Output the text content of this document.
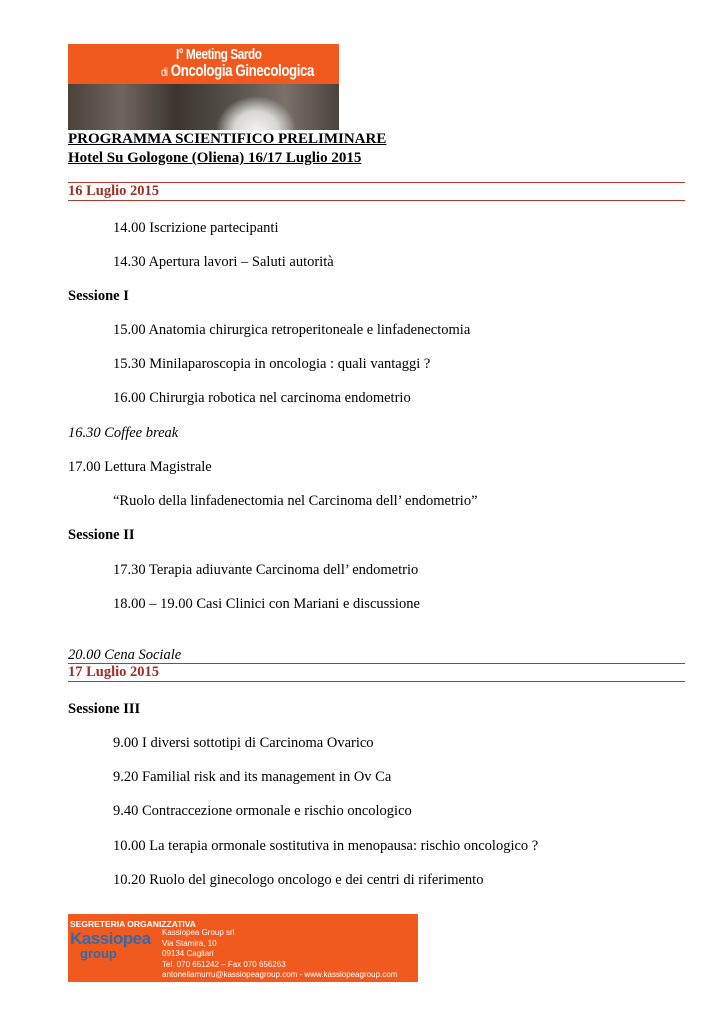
I° Meeting Sardo
di Oncologia Ginecologica
PROGRAMMA SCIENTIFICO PRELIMINARE
Hotel Su Gologone (Oliena) 16/17 Luglio 2015
16 Luglio 2015
14.00 Iscrizione partecipanti
14.30 Apertura lavori – Saluti autorità
Sessione I
15.00 Anatomia chirurgica retroperitoneale e linfadenectomia
15.30 Minilaparoscopia in oncologia : quali vantaggi ?
16.00 Chirurgia robotica nel carcinoma endometrio
16.30 Coffee break
17.00 Lettura Magistrale
“Ruolo della linfadenectomia nel Carcinoma dell’ endometrio”
Sessione II
17.30 Terapia adiuvante Carcinoma dell’ endometrio
18.00 – 19.00 Casi Clinici con Mariani e discussione
20.00 Cena Sociale
17 Luglio 2015
Sessione III
9.00 I diversi sottotipi di Carcinoma Ovarico
9.20 Familial risk and its management in Ov Ca
9.40 Contraccezione ormonale e rischio oncologico
10.00 La terapia ormonale sostitutiva in menopausa: rischio oncologico ?
10.20 Ruolo del ginecologo oncologo e dei centri di riferimento
SEGRETERIA ORGANIZZATIVA
Kassiopea
group
Kassiopea Group srl
Via Stamira, 10
09134 Cagliari
Tel. 070 651242 – Fax 070 656263
antonellamurru@kassiopeagroup.com - www.kassiopeagroup.com
